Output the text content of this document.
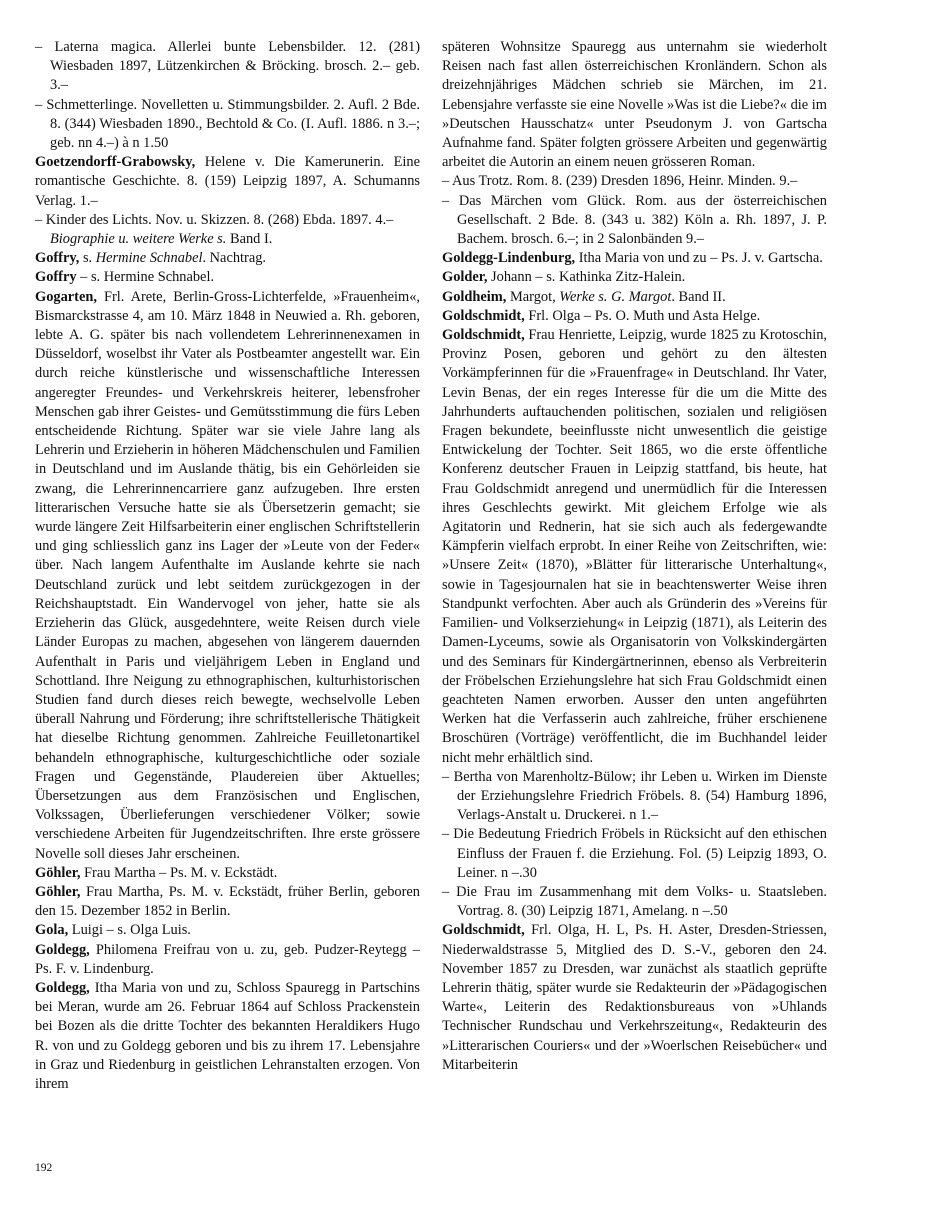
– Laterna magica. Allerlei bunte Lebensbilder. 12. (281) Wiesbaden 1897, Lützenkirchen & Bröcking. brosch. 2.– geb. 3.–

– Schmetterlinge. Novelletten u. Stimmungsbilder. 2. Aufl. 2 Bde. 8. (344) Wiesbaden 1890., Bechtold & Co. (I. Aufl. 1886. n 3.–; geb. nn 4.–) à n 1.50

Goetzendorff-Grabowsky, Helene v. Die Kamerunerin. Eine romantische Geschichte. 8. (159) Leipzig 1897, A. Schumanns Verlag. 1.–

– Kinder des Lichts. Nov. u. Skizzen. 8. (268) Ebda. 1897. 4.–

Biographie u. weitere Werke s. Band I.

Goffry, s. Hermine Schnabel. Nachtrag.

Goffry – s. Hermine Schnabel.

Gogarten, Frl. Arete, Berlin-Gross-Lichterfelde, »Frauenheim«, Bismarckstrasse 4, am 10. März 1848 in Neuwied a. Rh. geboren, lebte A. G. später bis nach vollendetem Lehrerinnenexamen in Düsseldorf, woselbst ihr Vater als Postbeamter angestellt war. Ein durch reiche künstlerische und wissenschaftliche Interessen angeregter Freundes- und Verkehrskreis heiterer, lebensfroher Menschen gab ihrer Geistes- und Gemütsstimmung die fürs Leben entscheidende Richtung. Später war sie viele Jahre lang als Lehrerin und Erzieherin in höheren Mädchenschulen und Familien in Deutschland und im Auslande thätig, bis ein Gehörleiden sie zwang, die Lehrerinnencarriere ganz aufzugeben. Ihre ersten litterarischen Versuche hatte sie als Übersetzerin gemacht; sie wurde längere Zeit Hilfsarbeiterin einer englischen Schriftstellerin und ging schliesslich ganz ins Lager der »Leute von der Feder« über. Nach langem Aufenthalte im Auslande kehrte sie nach Deutschland zurück und lebt seitdem zurückgezogen in der Reichshauptstadt. Ein Wandervogel von jeher, hatte sie als Erzieherin das Glück, ausgedehntere, weite Reisen durch viele Länder Europas zu machen, abgesehen von längerem dauernden Aufenthalt in Paris und vieljährigem Leben in England und Schottland. Ihre Neigung zu ethnographischen, kulturhistorischen Studien fand durch dieses reich bewegte, wechselvolle Leben überall Nahrung und Förderung; ihre schriftstellerische Thätigkeit hat dieselbe Richtung genommen. Zahlreiche Feuilletonartikel behandeln ethnographische, kulturgeschichtliche oder soziale Fragen und Gegenstände, Plaudereien über Aktuelles; Übersetzungen aus dem Französischen und Englischen, Volkssagen, Überlieferungen verschiedener Völker; sowie verschiedene Arbeiten für Jugendzeitschriften. Ihre erste grössere Novelle soll dieses Jahr erscheinen.

Göhler, Frau Martha – Ps. M. v. Eckstädt.

Göhler, Frau Martha, Ps. M. v. Eckstädt, früher Berlin, geboren den 15. Dezember 1852 in Berlin.

Gola, Luigi – s. Olga Luis.

Goldegg, Philomena Freifrau von u. zu, geb. Pudzer-Reytegg – Ps. F. v. Lindenburg.

Goldegg, Itha Maria von und zu, Schloss Spauregg in Partschins bei Meran, wurde am 26. Februar 1864 auf Schloss Prackenstein bei Bozen als die dritte Tochter des bekannten Heraldikers Hugo R. von und zu Goldegg geboren und bis zu ihrem 17. Lebensjahre in Graz und Riedenburg in geistlichen Lehranstalten erzogen. Von ihrem

späteren Wohnsitze Spauregg aus unternahm sie wiederholt Reisen nach fast allen österreichischen Kronländern. Schon als dreizehnjähriges Mädchen schrieb sie Märchen, im 21. Lebensjahre verfasste sie eine Novelle »Was ist die Liebe?« die im »Deutschen Hausschatz« unter Pseudonym J. von Gartscha Aufnahme fand. Später folgten grössere Arbeiten und gegenwärtig arbeitet die Autorin an einem neuen grösseren Roman.

– Aus Trotz. Rom. 8. (239) Dresden 1896, Heinr. Minden. 9.–

– Das Märchen vom Glück. Rom. aus der österreichischen Gesellschaft. 2 Bde. 8. (343 u. 382) Köln a. Rh. 1897, J. P. Bachem. brosch. 6.–; in 2 Salonbänden 9.–

Goldegg-Lindenburg, Itha Maria von und zu – Ps. J. v. Gartscha.

Golder, Johann – s. Kathinka Zitz-Halein.

Goldheim, Margot, Werke s. G. Margot. Band II.

Goldschmidt, Frl. Olga – Ps. O. Muth und Asta Helge.

Goldschmidt, Frau Henriette, Leipzig, wurde 1825 zu Krotoschin, Provinz Posen, geboren und gehört zu den ältesten Vorkämpferinnen für die »Frauenfrage« in Deutschland. Ihr Vater, Levin Benas, der ein reges Interesse für die um die Mitte des Jahrhunderts auftauchenden politischen, sozialen und religiösen Fragen bekundete, beeinflusste nicht unwesentlich die geistige Entwickelung der Tochter. Seit 1865, wo die erste öffentliche Konferenz deutscher Frauen in Leipzig stattfand, bis heute, hat Frau Goldschmidt anregend und unermüdlich für die Interessen ihres Geschlechts gewirkt. Mit gleichem Erfolge wie als Agitatorin und Rednerin, hat sie sich auch als federgewandte Kämpferin vielfach erprobt. In einer Reihe von Zeitschriften, wie: »Unsere Zeit« (1870), »Blätter für litterarische Unterhaltung«, sowie in Tagesjournalen hat sie in beachtenswerter Weise ihren Standpunkt verfochten. Aber auch als Gründerin des »Vereins für Familien- und Volkserziehung« in Leipzig (1871), als Leiterin des Damen-Lyceums, sowie als Organisatorin von Volkskindergärten und des Seminars für Kindergärtnerinnen, ebenso als Verbreiterin der Fröbelschen Erziehungslehre hat sich Frau Goldschmidt einen geachteten Namen erworben. Ausser den unten angeführten Werken hat die Verfasserin auch zahlreiche, früher erschienene Broschüren (Vorträge) veröffentlicht, die im Buchhandel leider nicht mehr erhältlich sind.

– Bertha von Marenholtz-Bülow; ihr Leben u. Wirken im Dienste der Erziehungslehre Friedrich Fröbels. 8. (54) Hamburg 1896, Verlags-Anstalt u. Druckerei. n 1.–

– Die Bedeutung Friedrich Fröbels in Rücksicht auf den ethischen Einfluss der Frauen f. die Erziehung. Fol. (5) Leipzig 1893, O. Leiner. n –.30

– Die Frau im Zusammenhang mit dem Volks- u. Staatsleben. Vortrag. 8. (30) Leipzig 1871, Amelang. n –.50

Goldschmidt, Frl. Olga, H. L, Ps. H. Aster, Dresden-Striessen, Niederwaldstrasse 5, Mitglied des D. S.-V., geboren den 24. November 1857 zu Dresden, war zunächst als staatlich geprüfte Lehrerin thätig, später wurde sie Redakteurin der »Pädagogischen Warte«, Leiterin des Redaktionsbureaus von »Uhlands Technischer Rundschau und Verkehrszeitung«, Redakteurin des »Litterarischen Couriers« und der »Woerlschen Reisebücher« und Mitarbeiterin

192
